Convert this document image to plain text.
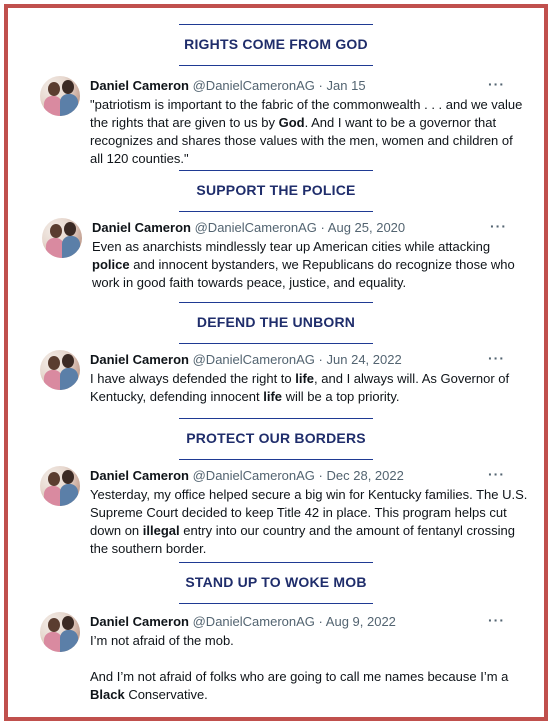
RIGHTS COME FROM GOD
Daniel Cameron @DanielCameronAG · Jan 15	···
"patriotism is important to the fabric of the commonwealth . . . and we value the rights that are given to us by God. And I want to be a governor that recognizes and shares those values with the men, women and children of all 120 counties."
SUPPORT THE POLICE
Daniel Cameron @DanielCameronAG · Aug 25, 2020	···
Even as anarchists mindlessly tear up American cities while attacking police and innocent bystanders, we Republicans do recognize those who work in good faith towards peace, justice, and equality.
DEFEND THE UNBORN
Daniel Cameron @DanielCameronAG · Jun 24, 2022	···
I have always defended the right to life, and I always will. As Governor of Kentucky, defending innocent life will be a top priority.
PROTECT OUR BORDERS
Daniel Cameron @DanielCameronAG · Dec 28, 2022	···
Yesterday, my office helped secure a big win for Kentucky families. The U.S. Supreme Court decided to keep Title 42 in place. This program helps cut down on illegal entry into our country and the amount of fentanyl crossing the southern border.
STAND UP TO WOKE MOB
Daniel Cameron @DanielCameronAG · Aug 9, 2022	···
I’m not afraid of the mob.
And I’m not afraid of folks who are going to call me names because I’m a Black Conservative.
